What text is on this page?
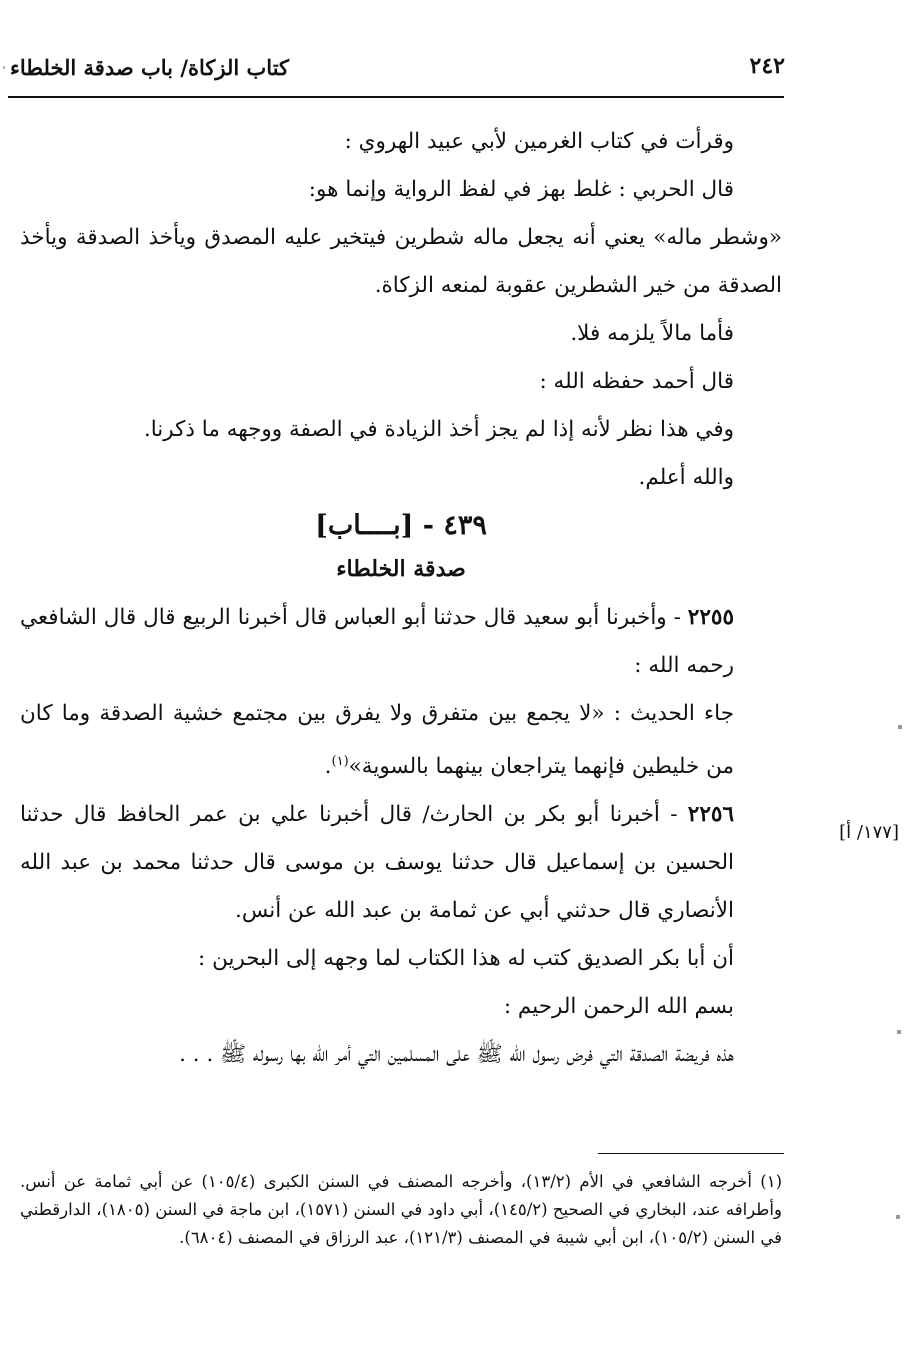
٬ كتاب الزكاة/ باب صدقة الخلطاء	٢٤٢

وقرأت في كتاب الغرمين لأبي عبيد الهروي :

قال الحربي : غلط بهز في لفظ الرواية وإنما هو:

«وشطر ماله» يعني أنه يجعل ماله شطرين فيتخير عليه المصدق ويأخذ الصدقة ويأخذ الصدقة من خير الشطرين عقوبة لمنعه الزكاة.

فأما مالاً يلزمه فلا.

قال أحمد حفظه الله :

وفي هذا نظر لأنه إذا لم يجز أخذ الزيادة في الصفة ووجهه ما ذكرنا.

والله أعلم.

٤٣٩ - [بــــاب]

صدقة الخلطاء

٢٢٥٥ - وأخبرنا أبو سعيد قال حدثنا أبو العباس قال أخبرنا الربيع قال قال الشافعي رحمه الله :

جاء الحديث : «لا يجمع بين متفرق ولا يفرق بين مجتمع خشية الصدقة وما كان من خليطين فإنهما يتراجعان بينهما بالسوية»$^{(١)}$.

٢٢٥٦ - أخبرنا أبو بكر بن الحارث/ قال أخبرنا علي بن عمر الحافظ قال حدثنا الحسين بن إسماعيل قال حدثنا يوسف بن موسى قال حدثنا محمد بن عبد الله الأنصاري قال حدثني أبي عن ثمامة بن عبد الله عن أنس.

أن أبا بكر الصديق كتب له هذا الكتاب لما وجهه إلى البحرين :

بسم الله الرحمن الرحيم :

هذه فريضة الصدقة التي فرض رسول الله ﷺ على المسلمين التي أمر الله بها رسوله ﷺ . . .

[١٧٧/ أ]

(١) أخرجه الشافعي في الأم (١٣/٢)، وأخرجه المصنف في السنن الكبرى (١٠٥/٤) عن أبي ثمامة عن أنس. وأطرافه عند، البخاري في الصحيح (١٤٥/٢)، أبي داود في السنن (١٥٧١)، ابن ماجة في السنن (١٨٠٥)، الدارقطني في السنن (١٠٥/٢)، ابن أبي شيبة في المصنف (١٢١/٣)، عبد الرزاق في المصنف (٦٨٠٤).
